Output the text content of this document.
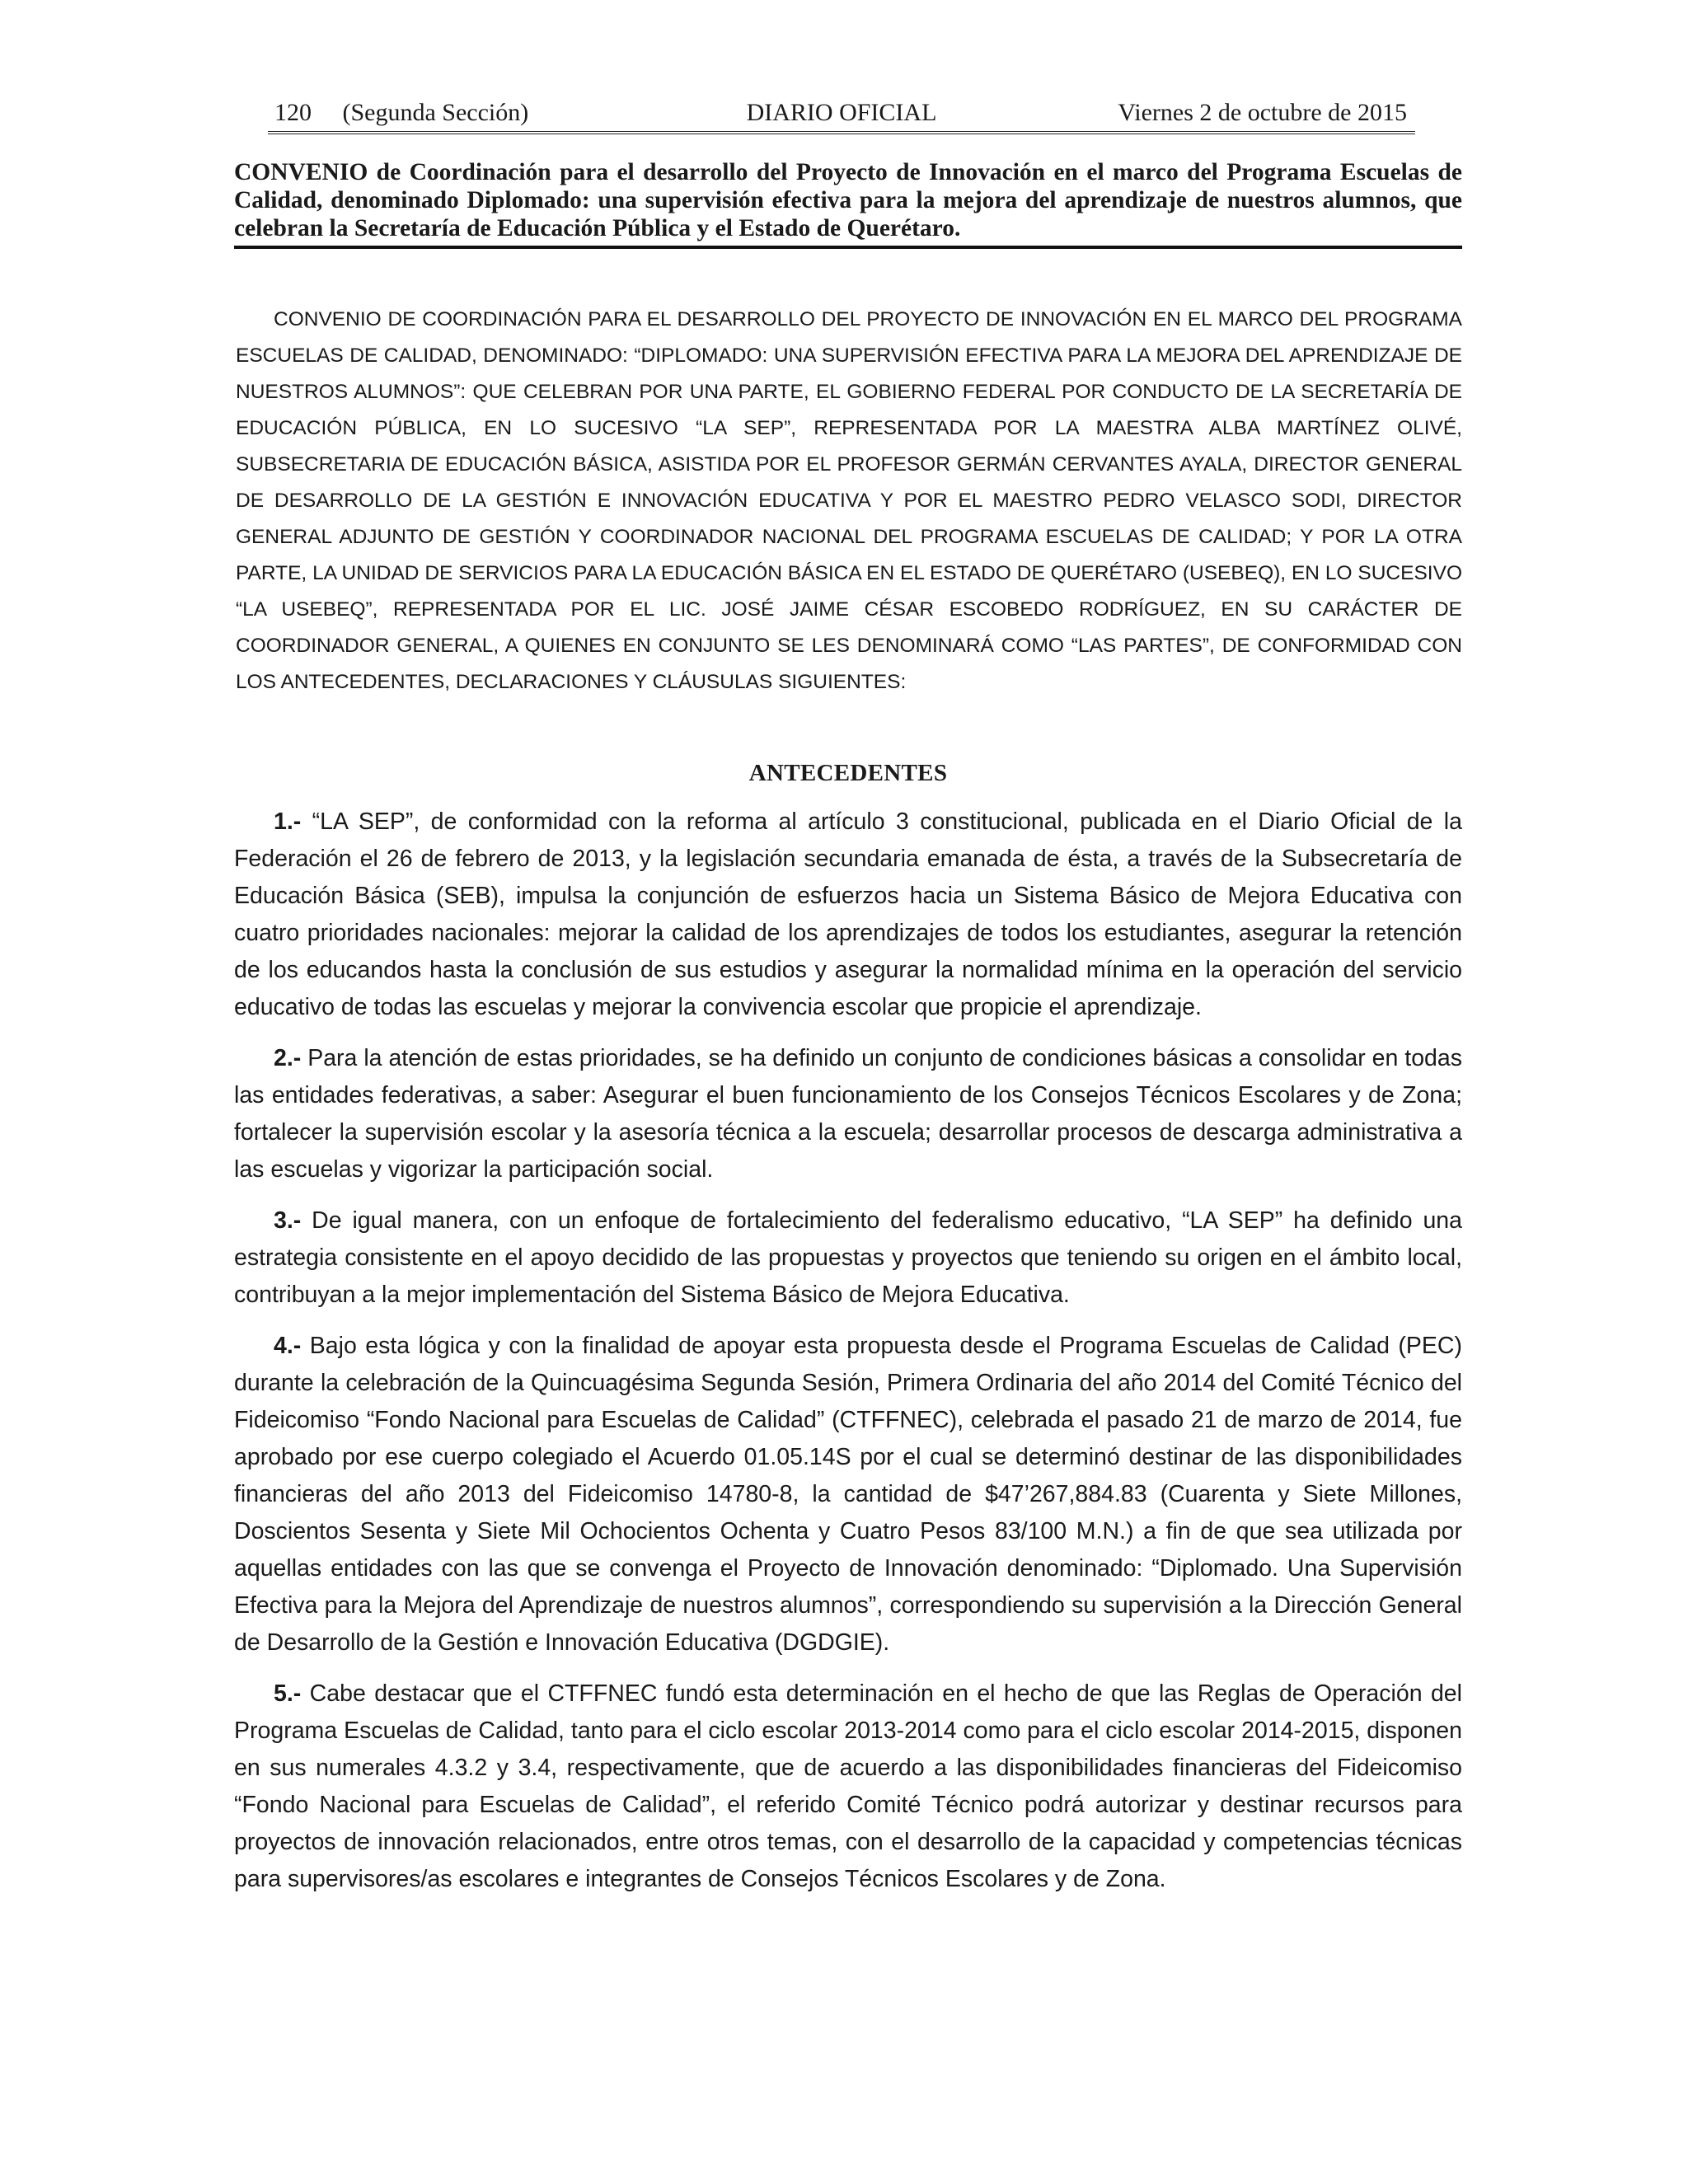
120 (Segunda Sección)	DIARIO OFICIAL	Viernes 2 de octubre de 2015

CONVENIO de Coordinación para el desarrollo del Proyecto de Innovación en el marco del Programa Escuelas de Calidad, denominado Diplomado: una supervisión efectiva para la mejora del aprendizaje de nuestros alumnos, que celebran la Secretaría de Educación Pública y el Estado de Querétaro.

CONVENIO DE COORDINACIÓN PARA EL DESARROLLO DEL PROYECTO DE INNOVACIÓN EN EL MARCO DEL PROGRAMA ESCUELAS DE CALIDAD, DENOMINADO: “DIPLOMADO: UNA SUPERVISIÓN EFECTIVA PARA LA MEJORA DEL APRENDIZAJE DE NUESTROS ALUMNOS”: QUE CELEBRAN POR UNA PARTE, EL GOBIERNO FEDERAL POR CONDUCTO DE LA SECRETARÍA DE EDUCACIÓN PÚBLICA, EN LO SUCESIVO “LA SEP”, REPRESENTADA POR LA MAESTRA ALBA MARTÍNEZ OLIVÉ, SUBSECRETARIA DE EDUCACIÓN BÁSICA, ASISTIDA POR EL PROFESOR GERMÁN CERVANTES AYALA, DIRECTOR GENERAL DE DESARROLLO DE LA GESTIÓN E INNOVACIÓN EDUCATIVA Y POR EL MAESTRO PEDRO VELASCO SODI, DIRECTOR GENERAL ADJUNTO DE GESTIÓN Y COORDINADOR NACIONAL DEL PROGRAMA ESCUELAS DE CALIDAD; Y POR LA OTRA PARTE, LA UNIDAD DE SERVICIOS PARA LA EDUCACIÓN BÁSICA EN EL ESTADO DE QUERÉTARO (USEBEQ), EN LO SUCESIVO “LA USEBEQ”, REPRESENTADA POR EL LIC. JOSÉ JAIME CÉSAR ESCOBEDO RODRÍGUEZ, EN SU CARÁCTER DE COORDINADOR GENERAL, A QUIENES EN CONJUNTO SE LES DENOMINARÁ COMO “LAS PARTES”, DE CONFORMIDAD CON LOS ANTECEDENTES, DECLARACIONES Y CLÁUSULAS SIGUIENTES:

ANTECEDENTES

1.- “LA SEP”, de conformidad con la reforma al artículo 3 constitucional, publicada en el Diario Oficial de la Federación el 26 de febrero de 2013, y la legislación secundaria emanada de ésta, a través de la Subsecretaría de Educación Básica (SEB), impulsa la conjunción de esfuerzos hacia un Sistema Básico de Mejora Educativa con cuatro prioridades nacionales: mejorar la calidad de los aprendizajes de todos los estudiantes, asegurar la retención de los educandos hasta la conclusión de sus estudios y asegurar la normalidad mínima en la operación del servicio educativo de todas las escuelas y mejorar la convivencia escolar que propicie el aprendizaje.

2.- Para la atención de estas prioridades, se ha definido un conjunto de condiciones básicas a consolidar en todas las entidades federativas, a saber: Asegurar el buen funcionamiento de los Consejos Técnicos Escolares y de Zona; fortalecer la supervisión escolar y la asesoría técnica a la escuela; desarrollar procesos de descarga administrativa a las escuelas y vigorizar la participación social.

3.- De igual manera, con un enfoque de fortalecimiento del federalismo educativo, “LA SEP” ha definido una estrategia consistente en el apoyo decidido de las propuestas y proyectos que teniendo su origen en el ámbito local, contribuyan a la mejor implementación del Sistema Básico de Mejora Educativa.

4.- Bajo esta lógica y con la finalidad de apoyar esta propuesta desde el Programa Escuelas de Calidad (PEC) durante la celebración de la Quincuagésima Segunda Sesión, Primera Ordinaria del año 2014 del Comité Técnico del Fideicomiso “Fondo Nacional para Escuelas de Calidad” (CTFFNEC), celebrada el pasado 21 de marzo de 2014, fue aprobado por ese cuerpo colegiado el Acuerdo 01.05.14S por el cual se determinó destinar de las disponibilidades financieras del año 2013 del Fideicomiso 14780-8, la cantidad de $47’267,884.83 (Cuarenta y Siete Millones, Doscientos Sesenta y Siete Mil Ochocientos Ochenta y Cuatro Pesos 83/100 M.N.) a fin de que sea utilizada por aquellas entidades con las que se convenga el Proyecto de Innovación denominado: “Diplomado. Una Supervisión Efectiva para la Mejora del Aprendizaje de nuestros alumnos”, correspondiendo su supervisión a la Dirección General de Desarrollo de la Gestión e Innovación Educativa (DGDGIE).

5.- Cabe destacar que el CTFFNEC fundó esta determinación en el hecho de que las Reglas de Operación del Programa Escuelas de Calidad, tanto para el ciclo escolar 2013-2014 como para el ciclo escolar 2014-2015, disponen en sus numerales 4.3.2 y 3.4, respectivamente, que de acuerdo a las disponibilidades financieras del Fideicomiso “Fondo Nacional para Escuelas de Calidad”, el referido Comité Técnico podrá autorizar y destinar recursos para proyectos de innovación relacionados, entre otros temas, con el desarrollo de la capacidad y competencias técnicas para supervisores/as escolares e integrantes de Consejos Técnicos Escolares y de Zona.
